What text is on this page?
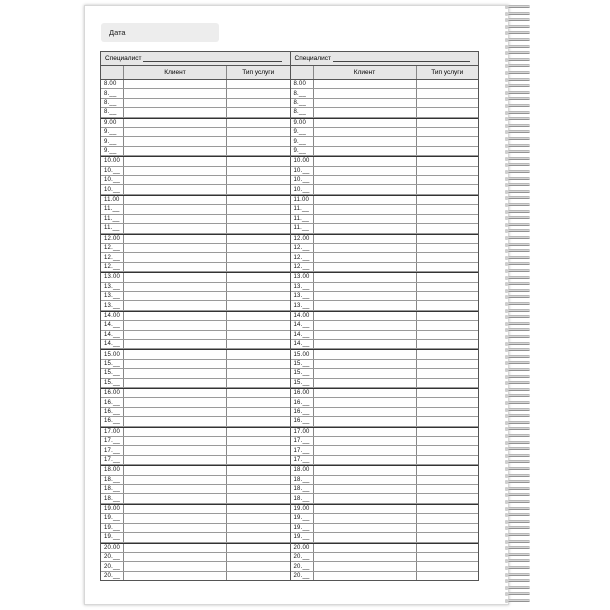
Дата
Специалист
Клиент	Тип услуги
8.00
8.__
8.__
8.__
9.00
9.__
9.__
9.__
10.00
10.__
10.__
10.__
11.00
11.__
11.__
11.__
12.00
12.__
12.__
12.__
13.00
13.__
13.__
13.__
14.00
14.__
14.__
14.__
15.00
15.__
15.__
15.__
16.00
16.__
16.__
16.__
17.00
17.__
17.__
17.__
18.00
18.__
18.__
18.__
19.00
19.__
19.__
19.__
20.00
20.__
20.__
20.__
Специалист
Клиент	Тип услуги
8.00
8.__
8.__
8.__
9.00
9.__
9.__
9.__
10.00
10.__
10.__
10.__
11.00
11.__
11.__
11.__
12.00
12.__
12.__
12.__
13.00
13.__
13.__
13.__
14.00
14.__
14.__
14.__
15.00
15.__
15.__
15.__
16.00
16.__
16.__
16.__
17.00
17.__
17.__
17.__
18.00
18.__
18.__
18.__
19.00
19.__
19.__
19.__
20.00
20.__
20.__
20.__
